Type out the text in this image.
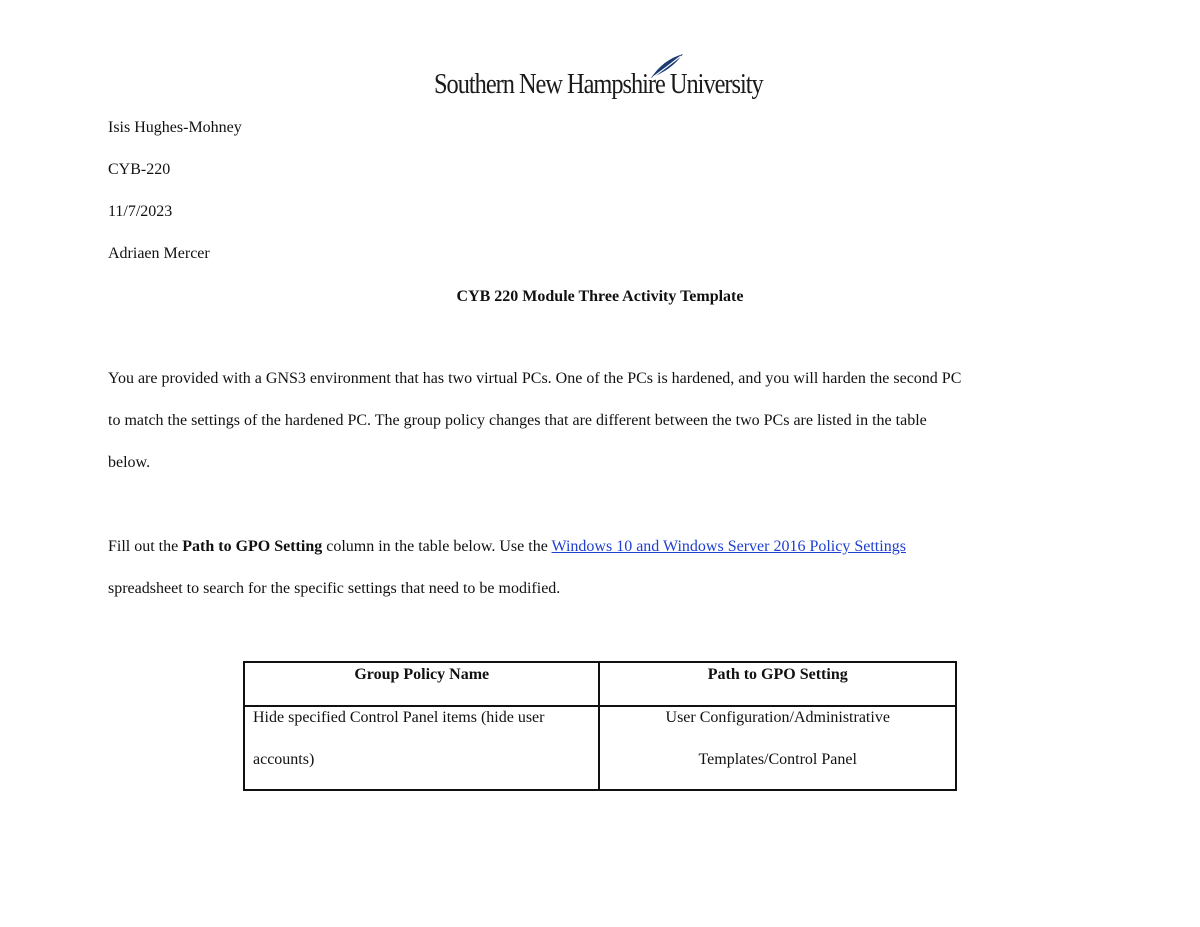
Southern New Hampshire University
Isis Hughes-Mohney
CYB-220
11/7/2023
Adriaen Mercer
CYB 220 Module Three Activity Template
You are provided with a GNS3 environment that has two virtual PCs. One of the PCs is hardened, and you will harden the second PC
to match the settings of the hardened PC. The group policy changes that are different between the two PCs are listed in the table
below.
Fill out the Path to GPO Setting column in the table below. Use the Windows 10 and Windows Server 2016 Policy Settings
spreadsheet to search for the specific settings that need to be modified.
Group Policy Name	Path to GPO Setting

Hide specified Control Panel items (hide user
accounts)	User Configuration/Administrative
Templates/Control Panel
